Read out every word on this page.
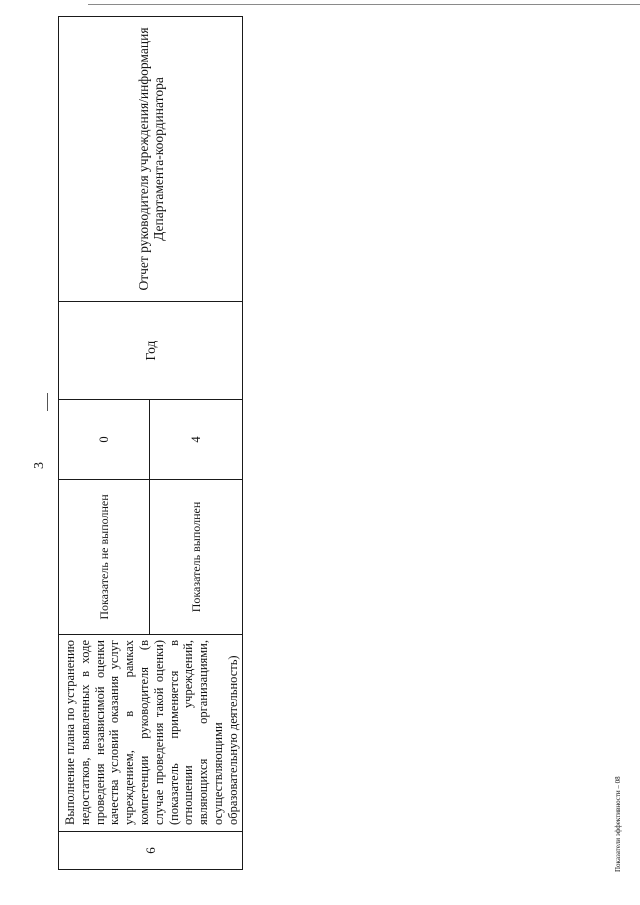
3
6
Выполнение плана по устранению недостатков, выявленных в ходе проведения независимой оценки качества условий оказания услуг учреждением, в рамках компетенции руководителя (в случае проведения такой оценки) (показатель применяется в отношении учреждений, являющихся организациями, осуществляющими образовательную деятельность)
Показатель не выполнен	Показатель выполнен
0	4
Год
Отчет руководителя учреждения/информация Департамента-координатора
Показатели эффективности – 08
